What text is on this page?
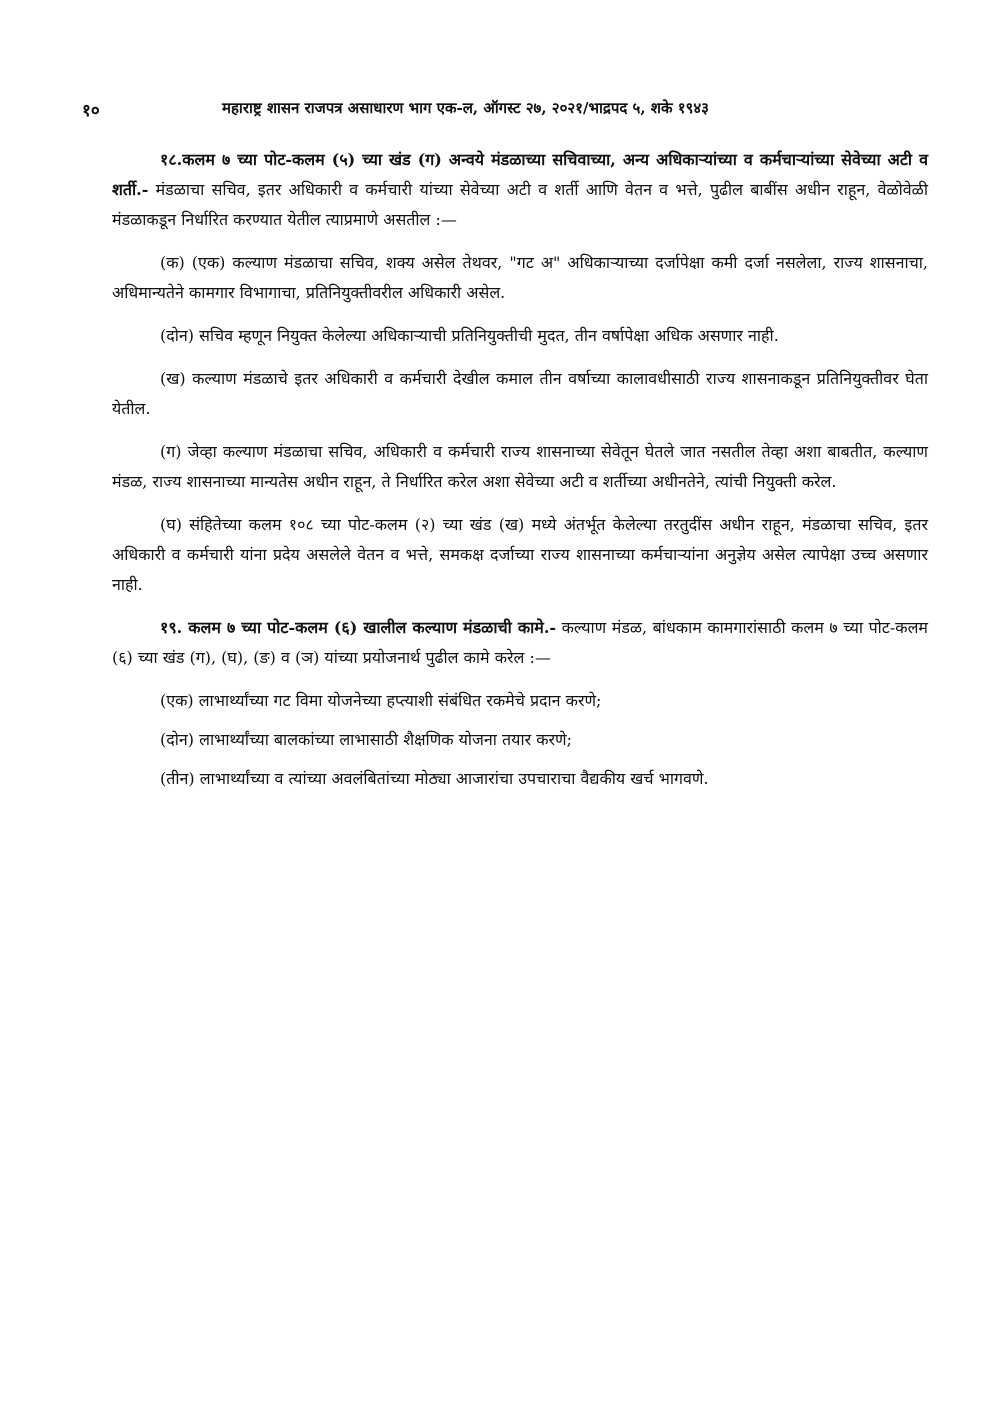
१०	महाराष्ट्र शासन राजपत्र असाधारण भाग एक-ल, ऑगस्ट २७, २०२१/भाद्रपद ५, शके १९४३

१८.कलम ७ च्या पोट-कलम (५) च्या खंड (ग) अन्वये मंडळाच्या सचिवाच्या, अन्य अधिकाऱ्यांच्या व कर्मचाऱ्यांच्या सेवेच्या अटी व शर्ती.- मंडळाचा सचिव, इतर अधिकारी व कर्मचारी यांच्या सेवेच्या अटी व शर्ती आणि वेतन व भत्ते, पुढील बाबींस अधीन राहून, वेळोवेळी मंडळाकडून निर्धारित करण्यात येतील त्याप्रमाणे असतील :—

(क) (एक) कल्याण मंडळाचा सचिव, शक्य असेल तेथवर, "गट अ" अधिकाऱ्याच्या दर्जापेक्षा कमी दर्जा नसलेला, राज्य शासनाचा, अधिमान्यतेने कामगार विभागाचा, प्रतिनियुक्तीवरील अधिकारी असेल.

(दोन) सचिव म्हणून नियुक्त केलेल्या अधिकाऱ्याची प्रतिनियुक्तीची मुदत, तीन वर्षापेक्षा अधिक असणार नाही.

(ख) कल्याण मंडळाचे इतर अधिकारी व कर्मचारी देखील कमाल तीन वर्षाच्या कालावधीसाठी राज्य शासनाकडून प्रतिनियुक्तीवर घेता येतील.

(ग) जेव्हा कल्याण मंडळाचा सचिव, अधिकारी व कर्मचारी राज्य शासनाच्या सेवेतून घेतले जात नसतील तेव्हा अशा बाबतीत, कल्याण मंडळ, राज्य शासनाच्या मान्यतेस अधीन राहून, ते निर्धारित करेल अशा सेवेच्या अटी व शर्तीच्या अधीनतेने, त्यांची नियुक्ती करेल.

(घ) संहितेच्या कलम १०८ च्या पोट-कलम (२) च्या खंड (ख) मध्ये अंतर्भूत केलेल्या तरतुदींस अधीन राहून, मंडळाचा सचिव, इतर अधिकारी व कर्मचारी यांना प्रदेय असलेले वेतन व भत्ते, समकक्ष दर्जाच्या राज्य शासनाच्या कर्मचाऱ्यांना अनुज्ञेय असेल त्यापेक्षा उच्च असणार नाही.

१९. कलम ७ च्या पोट-कलम (६) खालील कल्याण मंडळाची कामे.- कल्याण मंडळ, बांधकाम कामगारांसाठी कलम ७ च्या पोट-कलम (६) च्या खंड (ग), (घ), (ङ) व (ञ) यांच्या प्रयोजनार्थ पुढील कामे करेल :—

(एक) लाभार्थ्यांच्या गट विमा योजनेच्या हप्त्याशी संबंधित रकमेचे प्रदान करणे;

(दोन) लाभार्थ्यांच्या बालकांच्या लाभासाठी शैक्षणिक योजना तयार करणे;

(तीन) लाभार्थ्यांच्या व त्यांच्या अवलंबितांच्या मोठ्या आजारांचा उपचाराचा वैद्यकीय खर्च भागवणे.
